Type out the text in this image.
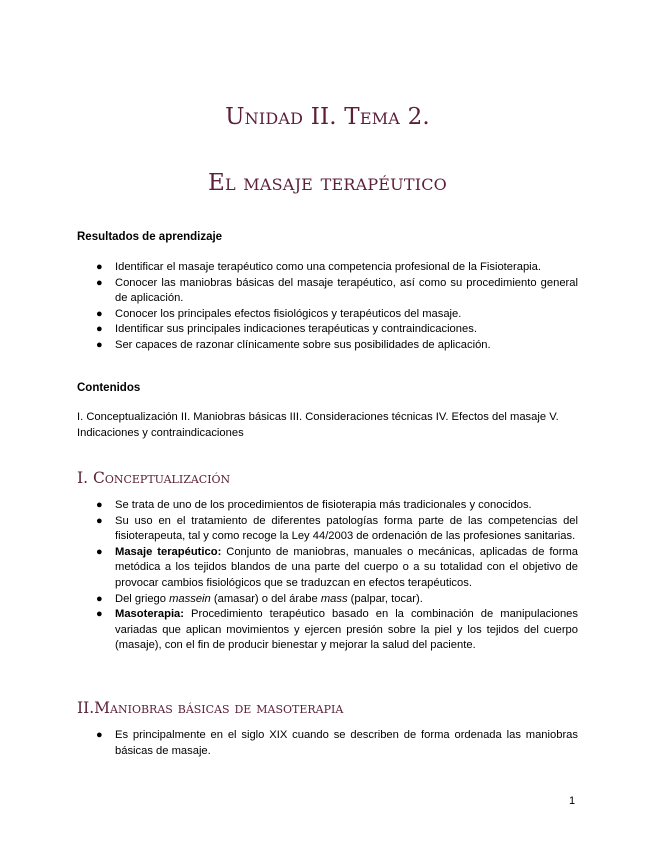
Unidad II. Tema 2.
El masaje terapéutico
Resultados de aprendizaje
● Identificar el masaje terapéutico como una competencia profesional de la Fisioterapia.
● Conocer las maniobras básicas del masaje terapéutico, así como su procedimiento general de aplicación.
● Conocer los principales efectos fisiológicos y terapéuticos del masaje.
● Identificar sus principales indicaciones terapéuticas y contraindicaciones.
● Ser capaces de razonar clínicamente sobre sus posibilidades de aplicación.
Contenidos
I. Conceptualización II. Maniobras básicas III. Consideraciones técnicas IV. Efectos del masaje V. Indicaciones y contraindicaciones
I. Conceptualización
● Se trata de uno de los procedimientos de fisioterapia más tradicionales y conocidos.
● Su uso en el tratamiento de diferentes patologías forma parte de las competencias del fisioterapeuta, tal y como recoge la Ley 44/2003 de ordenación de las profesiones sanitarias.
● Masaje terapéutico: Conjunto de maniobras, manuales o mecánicas, aplicadas de forma metódica a los tejidos blandos de una parte del cuerpo o a su totalidad con el objetivo de provocar cambios fisiológicos que se traduzcan en efectos terapéuticos.
● Del griego massein (amasar) o del árabe mass (palpar, tocar).
● Masoterapia: Procedimiento terapéutico basado en la combinación de manipulaciones variadas que aplican movimientos y ejercen presión sobre la piel y los tejidos del cuerpo (masaje), con el fin de producir bienestar y mejorar la salud del paciente.
II.Maniobras básicas de masoterapia
● Es principalmente en el siglo XIX cuando se describen de forma ordenada las maniobras básicas de masaje.
1
